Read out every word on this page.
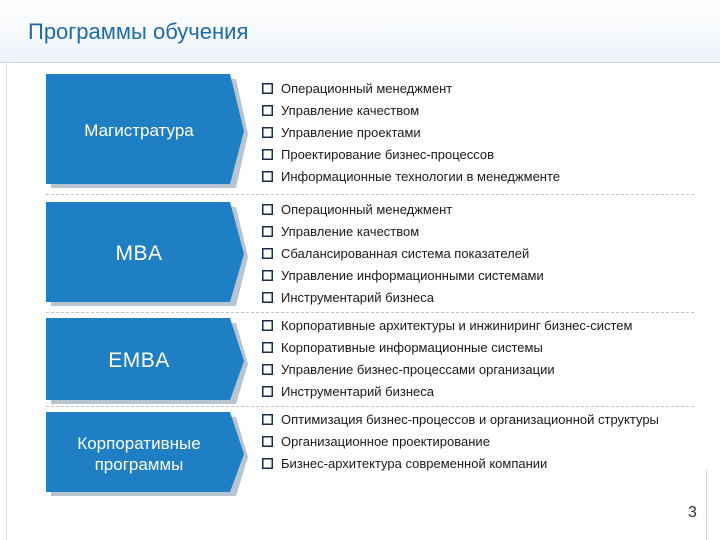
Программы обучения
Магистратура
Операционный менеджмент
Управление качеством
Управление проектами
Проектирование бизнес-процессов
Информационные технологии в менеджменте
MBA
Операционный менеджмент
Управление качеством
Сбалансированная система показателей
Управление информационными системами
Инструментарий бизнеса
EMBA
Корпоративные архитектуры и инжиниринг бизнес-систем
Корпоративные информационные системы
Управление бизнес-процессами организации
Инструментарий бизнеса
Корпоративные программы
Оптимизация бизнес-процессов и организационной структуры
Организационное проектирование
Бизнес-архитектура современной компании
3
